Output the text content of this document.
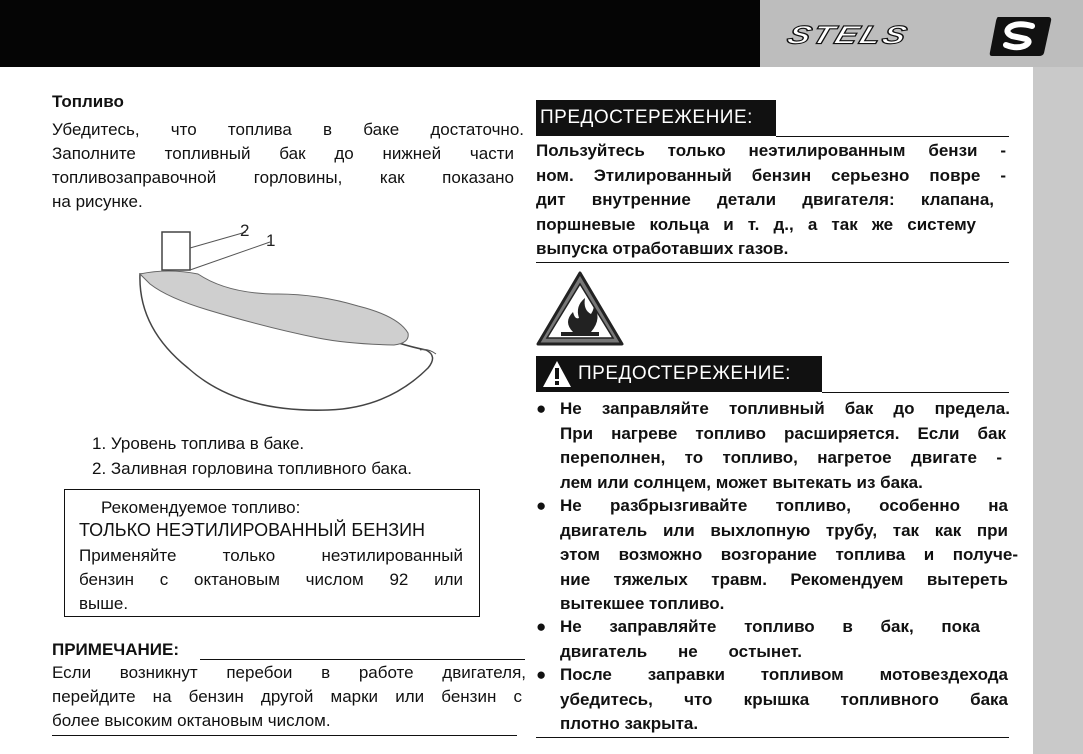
STELS
Топливо
Убедитесь, что топлива в баке достаточно.
Заполните топливный бак до нижней части
топливозаправочной горловины, как показано
на рисунке.
2
1
1. Уровень топлива в баке.
2. Заливная горловина топливного бака.
Рекомендуемое топливо:
ТОЛЬКО НЕЭТИЛИРОВАННЫЙ БЕНЗИН
Применяйте только неэтилированный
бензин с октановым числом 92 или
выше.
ПРИМЕЧАНИЕ:
Если возникнут перебои в работе двигателя,
перейдите на бензин другой марки или бензин с
более высоким октановым числом.
ПРЕДОСТЕРЕЖЕНИЕ:
Пользуйтесь только неэтилированным бензи -
ном. Этилированный бензин серьезно повре -
дит внутренние детали двигателя: клапана,
поршневые кольца и т. д., а так же систему
выпуска отработавших газов.
ПРЕДОСТЕРЕЖЕНИЕ:
● Не заправляйте топливный бак до предела.
При нагреве топливо расширяется. Если бак
переполнен, то топливо, нагретое двигате -
лем или солнцем, может вытекать из бака.
● Не разбрызгивайте топливо, особенно на
двигатель или выхлопную трубу, так как при
этом возможно возгорание топлива и получе-
ние тяжелых травм. Рекомендуем вытереть
вытекшее топливо.
● Не заправляйте топливо в бак, пока
двигатель не остынет.
● После заправки топливом мотовездехода
убедитесь, что крышка топливного бака
плотно закрыта.
